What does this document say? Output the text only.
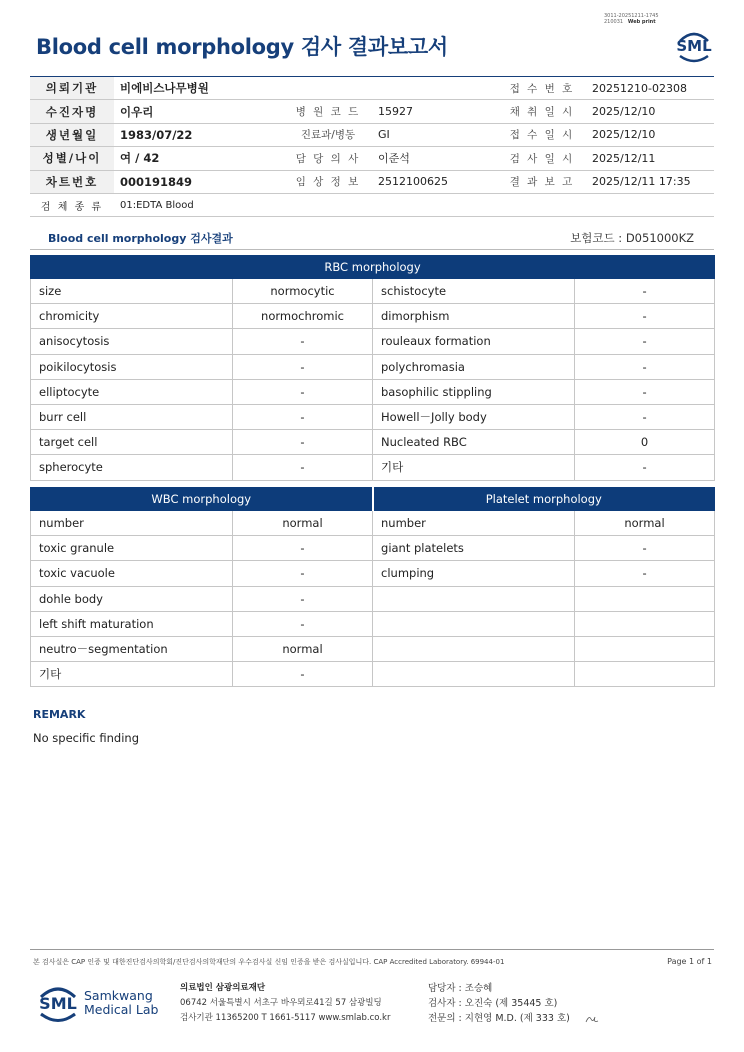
3011-20251211-1745
210031 Web print
Blood cell morphology 검사 결과보고서	SML
의뢰기관	비에비스나무병원			접 수 번 호	20251210-02308
수진자명	이우리	병 원 코 드	15927	채 취 일 시	2025/12/10
생년월일	1983/07/22	진료과/병동	GI	접 수 일 시	2025/12/10
성별/나이	여 / 42	담 당 의 사	이준석	검 사 일 시	2025/12/11
차트번호	000191849	임 상 정 보	2512100625	결 과 보 고	2025/12/11 17:35
검 체 종 류	01:EDTA Blood				
Blood cell morphology 검사결과	보험코드 : D051000KZ
RBC morphology			
size	normocytic	schistocyte	-
chromicity	normochromic	dimorphism	-
anisocytosis	-	rouleaux formation	-
poikilocytosis	-	polychromasia	-
elliptocyte	-	basophilic stippling	-
burr cell	-	Howell－Jolly body	-
target cell	-	Nucleated RBC	0
spherocyte	-	기타	-
WBC morphology		Platelet morphology	
number	normal	number	normal
toxic granule	-	giant platelets	-
toxic vacuole	-	clumping	-
dohle body	-		
left shift maturation	-		
neutro－segmentation	normal		
기타	-		
REMARK
No specific finding
본 검사실은 CAP 인증 및 대한진단검사의학회/진단검사의학재단의 우수검사실 신임 인증을 받은 검사실입니다. CAP Accredited Laboratory. 69944-01	Page 1 of 1
SML Samkwang
Medical Lab
의료법인 삼광의료재단
06742 서울특별시 서초구 바우뫼로41길 57 삼광빌딩
검사기관 11365200 T 1661-5117 www.smlab.co.kr
담당자 : 조승혜
검사자 : 오진숙 (제 35445 호)
전문의 : 지현영 M.D. (제 333 호)
